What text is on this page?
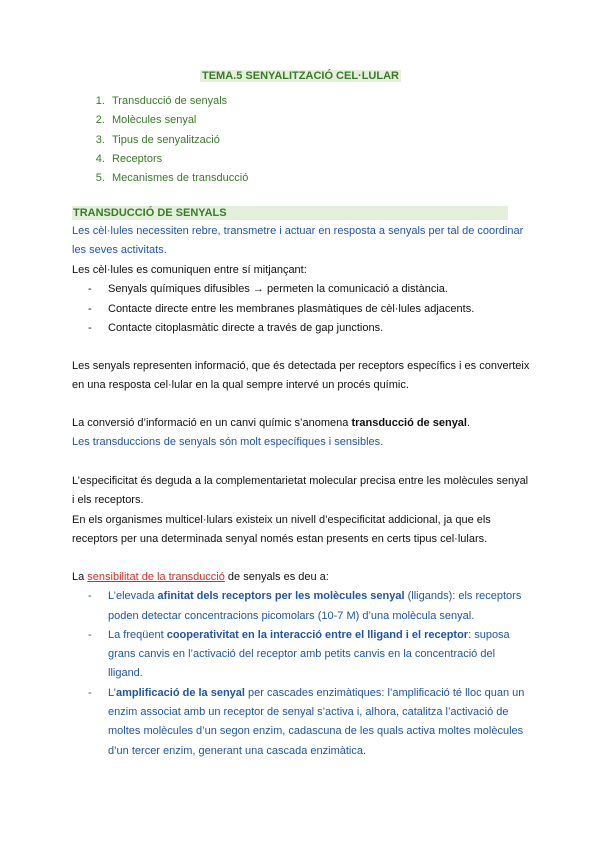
TEMA.5 SENYALITZACIÓ CEL·LULAR
1. Transducció de senyals
2. Molècules senyal
3. Tipus de senyalització
4. Receptors
5. Mecanismes de transducció
TRANSDUCCIÓ DE SENYALS
Les cèl·lules necessiten rebre, transmetre i actuar en resposta a senyals per tal de coordinar les seves activitats.
Les cèl·lules es comuniquen entre sí mitjançant:
- Senyals químiques difusibles → permeten la comunicació a distància.
- Contacte directe entre les membranes plasmàtiques de cèl·lules adjacents.
- Contacte citoplasmàtic directe a través de gap junctions.
Les senyals representen informació, que és detectada per receptors específics i es converteix en una resposta cel·lular en la qual sempre intervé un procés químic.
La conversió d’informació en un canvi químic s’anomena transducció de senyal.
Les transduccions de senyals són molt específiques i sensibles.
L’especificitat és deguda a la complementarietat molecular precisa entre les molècules senyal i els receptors.
En els organismes multicel·lulars existeix un nivell d’especificitat addicional, ja que els receptors per una determinada senyal només estan presents en certs tipus cel·lulars.
La sensibilitat de la transducció de senyals es deu a:
- L’elevada afinitat dels receptors per les molècules senyal (lligands): els receptors poden detectar concentracions picomolars (10-7 M) d’una molècula senyal.
- La freqüent cooperativitat en la interacció entre el lligand i el receptor: suposa grans canvis en l’activació del receptor amb petits canvis en la concentració del lligand.
- L’amplificació de la senyal per cascades enzimàtiques: l’amplificació té lloc quan un enzim associat amb un receptor de senyal s’activa i, alhora, catalitza l’activació de moltes molècules d’un segon enzim, cadascuna de les quals activa moltes molècules d’un tercer enzim, generant una cascada enzimàtica.
